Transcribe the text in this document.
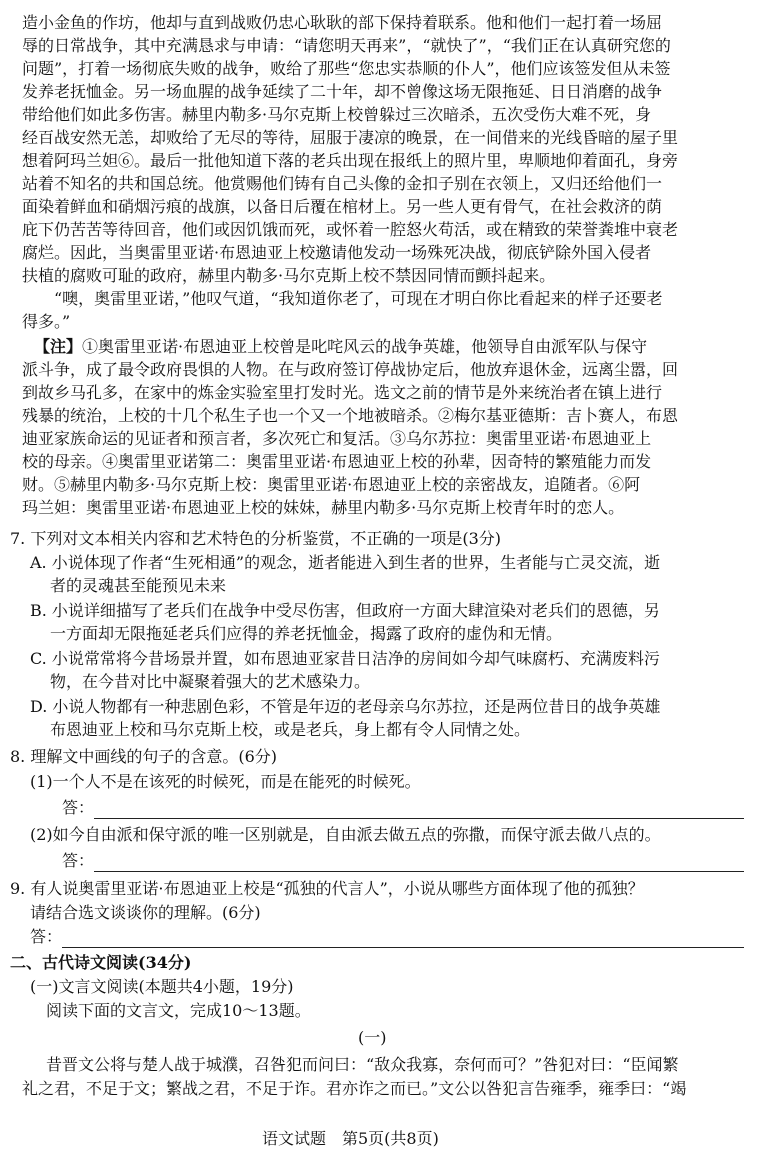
造小金鱼的作坊，他却与直到战败仍忠心耿耿的部下保持着联系。他和他们一起打着一场屈
辱的日常战争，其中充满恳求与申请：“请您明天再来”，“就快了”，“我们正在认真研究您的
问题”，打着一场彻底失败的战争，败给了那些“您忠实恭顺的仆人”，他们应该签发但从未签
发养老抚恤金。另一场血腥的战争延续了二十年，却不曾像这场无限拖延、日日消磨的战争
带给他们如此多伤害。赫里内勒多·马尔克斯上校曾躲过三次暗杀，五次受伤大难不死，身
经百战安然无恙，却败给了无尽的等待，屈服于凄凉的晚景，在一间借来的光线昏暗的屋子里
想着阿玛兰妲⑥。最后一批他知道下落的老兵出现在报纸上的照片里，卑顺地仰着面孔，身旁
站着不知名的共和国总统。他赏赐他们铸有自己头像的金扣子别在衣领上，又归还给他们一
面染着鲜血和硝烟污痕的战旗，以备日后覆在棺材上。另一些人更有骨气，在社会救济的荫
庇下仍苦苦等待回音，他们或因饥饿而死，或怀着一腔怒火苟活，或在精致的荣誉粪堆中衰老
腐烂。因此，当奥雷里亚诺·布恩迪亚上校邀请他发动一场殊死决战，彻底铲除外国入侵者
扶植的腐败可耻的政府，赫里内勒多·马尔克斯上校不禁因同情而颤抖起来。
“噢，奥雷里亚诺，”他叹气道，“我知道你老了，可现在才明白你比看起来的样子还要老
得多。”
【注】①奥雷里亚诺·布恩迪亚上校曾是叱咤风云的战争英雄，他领导自由派军队与保守
派斗争，成了最令政府畏惧的人物。在与政府签订停战协定后，他放弃退休金，远离尘嚣，回
到故乡马孔多，在家中的炼金实验室里打发时光。选文之前的情节是外来统治者在镇上进行
残暴的统治，上校的十几个私生子也一个又一个地被暗杀。②梅尔基亚德斯：吉卜赛人，布恩
迪亚家族命运的见证者和预言者，多次死亡和复活。③乌尔苏拉：奥雷里亚诺·布恩迪亚上
校的母亲。④奥雷里亚诺第二：奥雷里亚诺·布恩迪亚上校的孙辈，因奇特的繁殖能力而发
财。⑤赫里内勒多·马尔克斯上校：奥雷里亚诺·布恩迪亚上校的亲密战友，追随者。⑥阿
玛兰妲：奥雷里亚诺·布恩迪亚上校的妹妹，赫里内勒多·马尔克斯上校青年时的恋人。
7. 下列对文本相关内容和艺术特色的分析鉴赏，不正确的一项是(3分)
A. 小说体现了作者“生死相通”的观念，逝者能进入到生者的世界，生者能与亡灵交流，逝
者的灵魂甚至能预见未来
B. 小说详细描写了老兵们在战争中受尽伤害，但政府一方面大肆渲染对老兵们的恩德，另
一方面却无限拖延老兵们应得的养老抚恤金，揭露了政府的虚伪和无情。
C. 小说常常将今昔场景并置，如布恩迪亚家昔日洁净的房间如今却气味腐朽、充满废料污
物，在今昔对比中凝聚着强大的艺术感染力。
D. 小说人物都有一种悲剧色彩，不管是年迈的老母亲乌尔苏拉，还是两位昔日的战争英雄
布恩迪亚上校和马尔克斯上校，或是老兵，身上都有令人同情之处。
8. 理解文中画线的句子的含意。(6分)
(1)一个人不是在该死的时候死，而是在能死的时候死。
答：
(2)如今自由派和保守派的唯一区别就是，自由派去做五点的弥撒，而保守派去做八点的。
答：
9. 有人说奥雷里亚诺·布恩迪亚上校是“孤独的代言人”，小说从哪些方面体现了他的孤独？
请结合选文谈谈你的理解。(6分)
答：
二、古代诗文阅读(34分)
(一)文言文阅读(本题共4小题，19分)
阅读下面的文言文，完成10～13题。
(一)
昔晋文公将与楚人战于城濮，召咎犯而问曰：“敌众我寡，奈何而可？”咎犯对曰：“臣闻繁
礼之君，不足于文；繁战之君，不足于诈。君亦诈之而已。”文公以咎犯言告雍季，雍季曰：“竭
语文试题　第5页(共8页)
